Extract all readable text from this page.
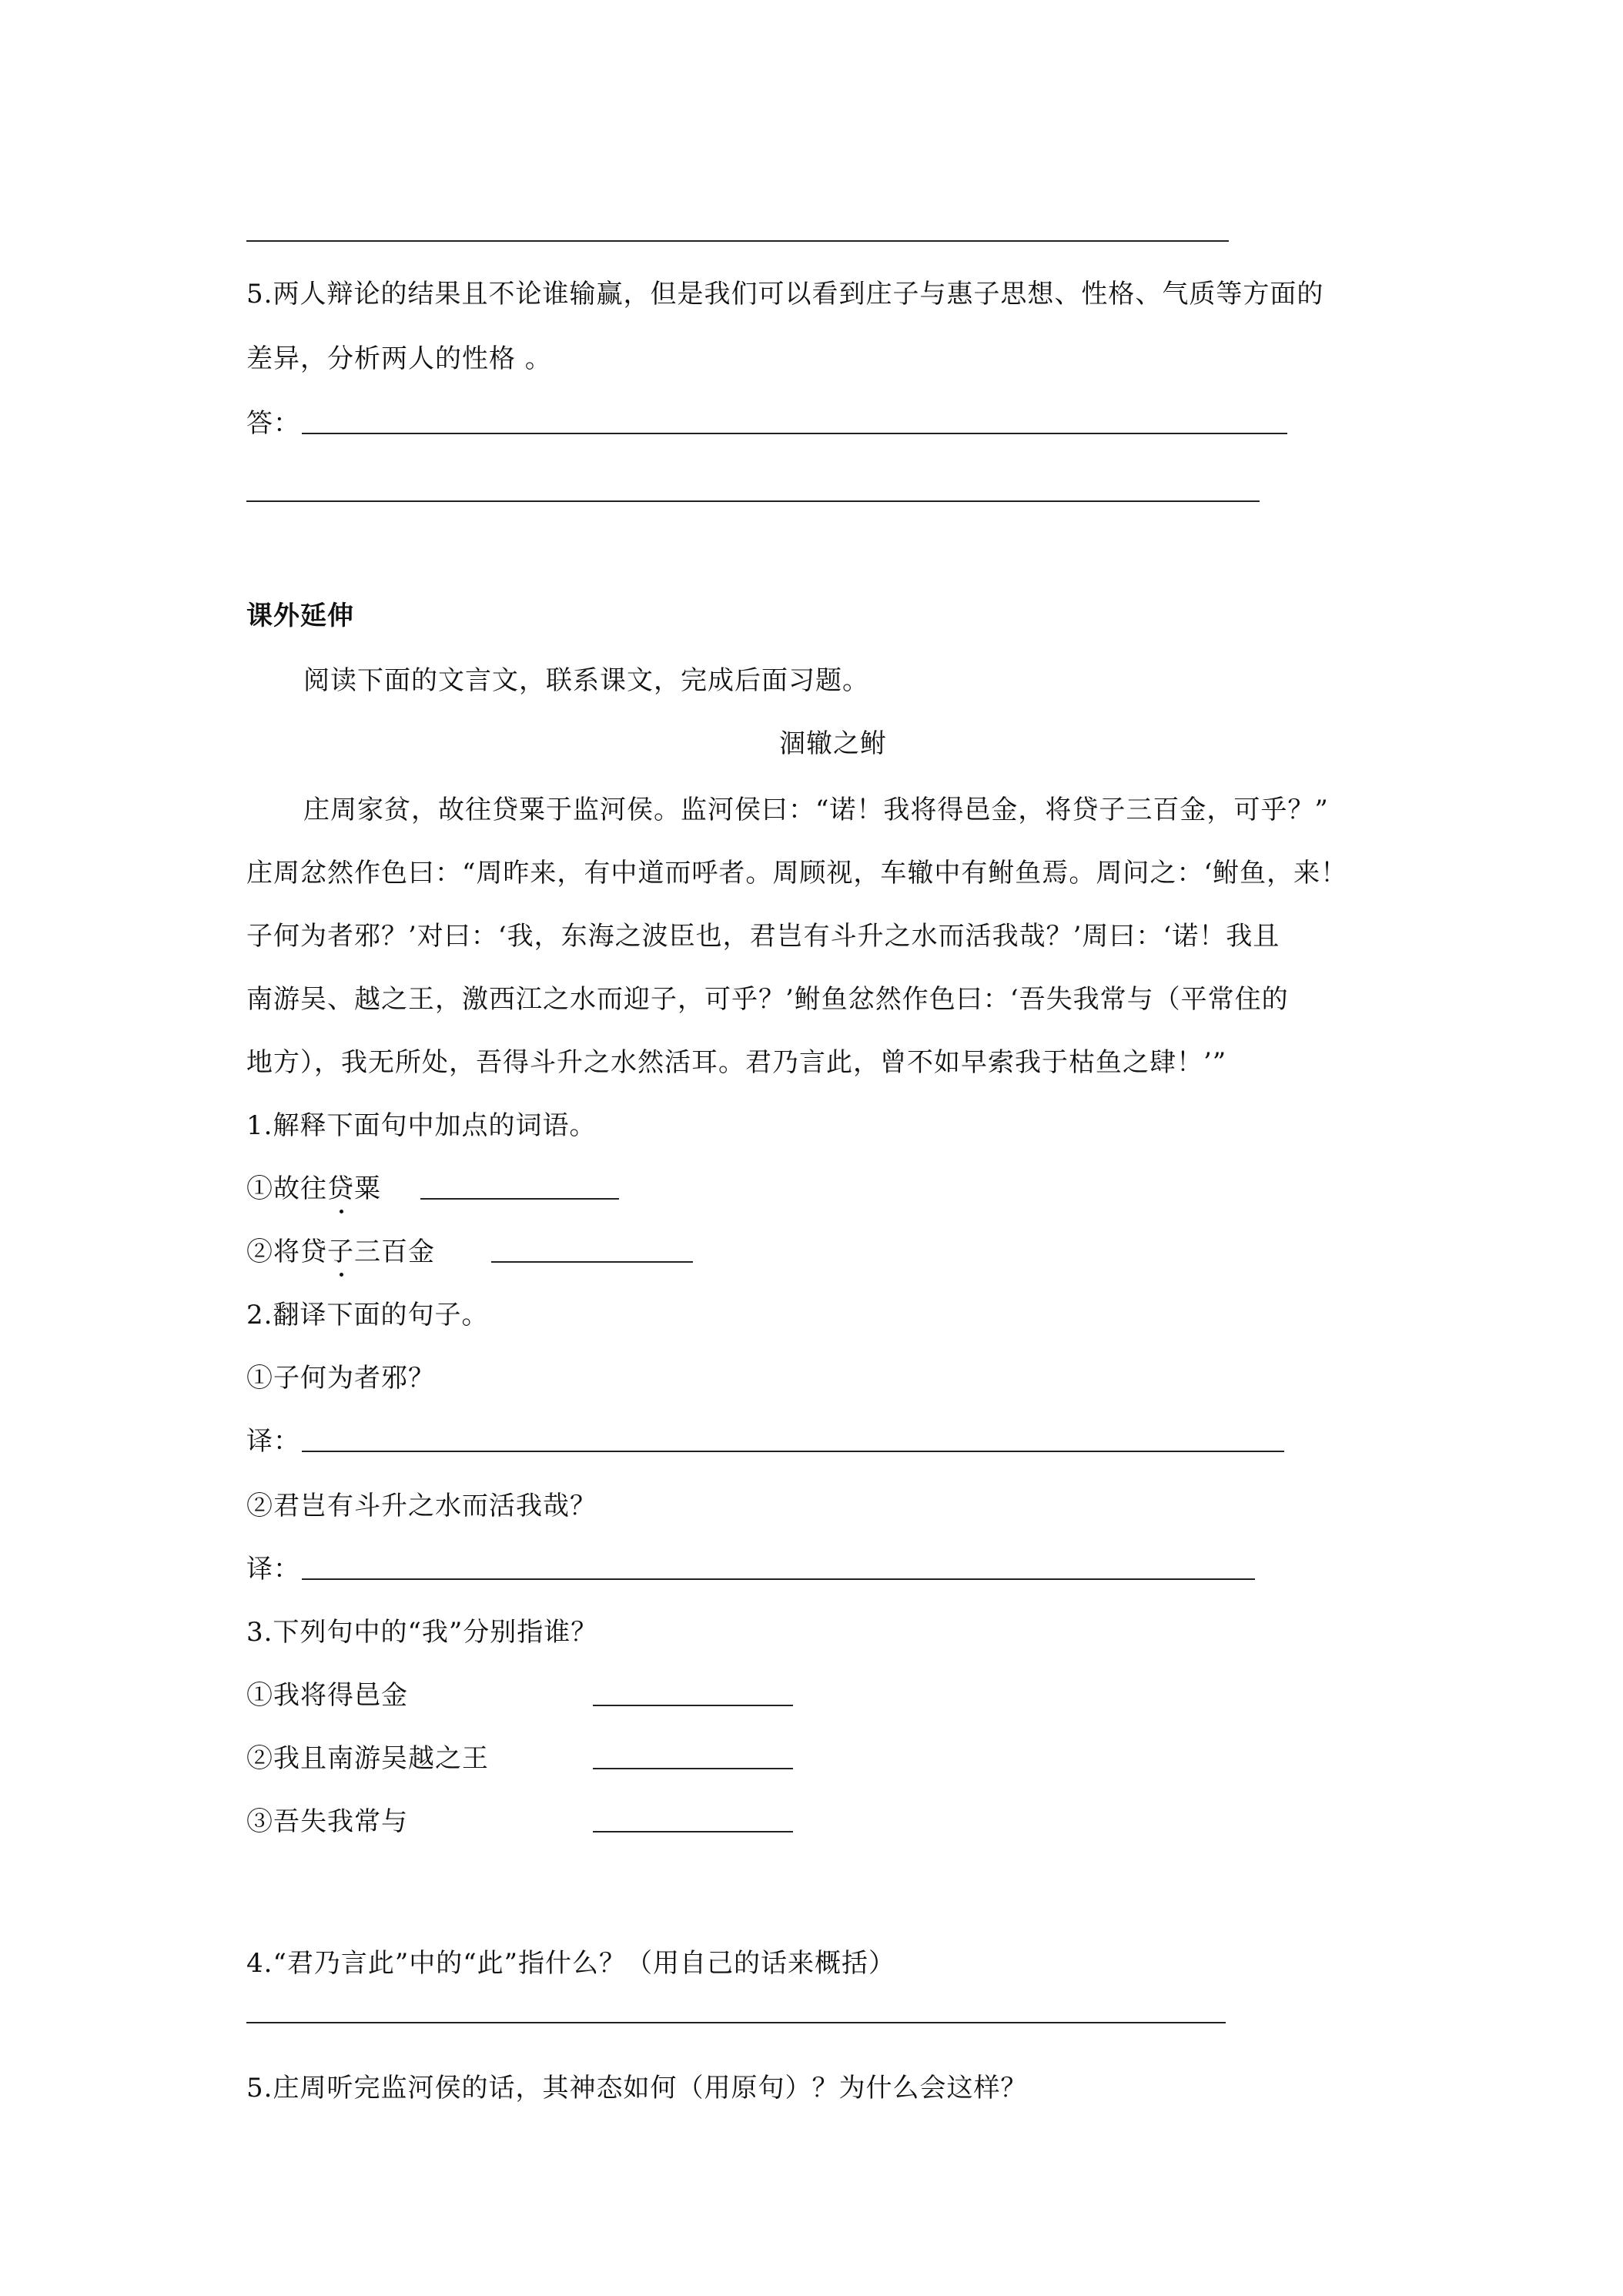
5.两人辩论的结果且不论谁输赢，但是我们可以看到庄子与惠子思想、性格、气质等方面的
差异，分析两人的性格 。
答：
课外延伸
阅读下面的文言文，联系课文，完成后面习题。
涸辙之鲋
庄周家贫，故往贷粟于监河侯。监河侯曰：“诺！我将得邑金，将贷子三百金，可乎？”
庄周忿然作色曰：“周昨来，有中道而呼者。周顾视，车辙中有鲋鱼焉。周问之：‘鲋鱼，来！
子何为者邪？’对曰：‘我，东海之波臣也，君岂有斗升之水而活我哉？’周曰：‘诺！我且
南游吴、越之王，激西江之水而迎子，可乎？’鲋鱼忿然作色曰：‘吾失我常与（平常住的
地方），我无所处，吾得斗升之水然活耳。君乃言此，曾不如早索我于枯鱼之肆！’”
1.解释下面句中加点的词语。
①故往贷粟
②将贷子三百金
2.翻译下面的句子。
①子何为者邪？
译：
②君岂有斗升之水而活我哉？
译：
3.下列句中的“我”分别指谁？
①我将得邑金
②我且南游吴越之王
③吾失我常与
4.“君乃言此”中的“此”指什么？（用自己的话来概括）
5.庄周听完监河侯的话，其神态如何（用原句）？为什么会这样？
